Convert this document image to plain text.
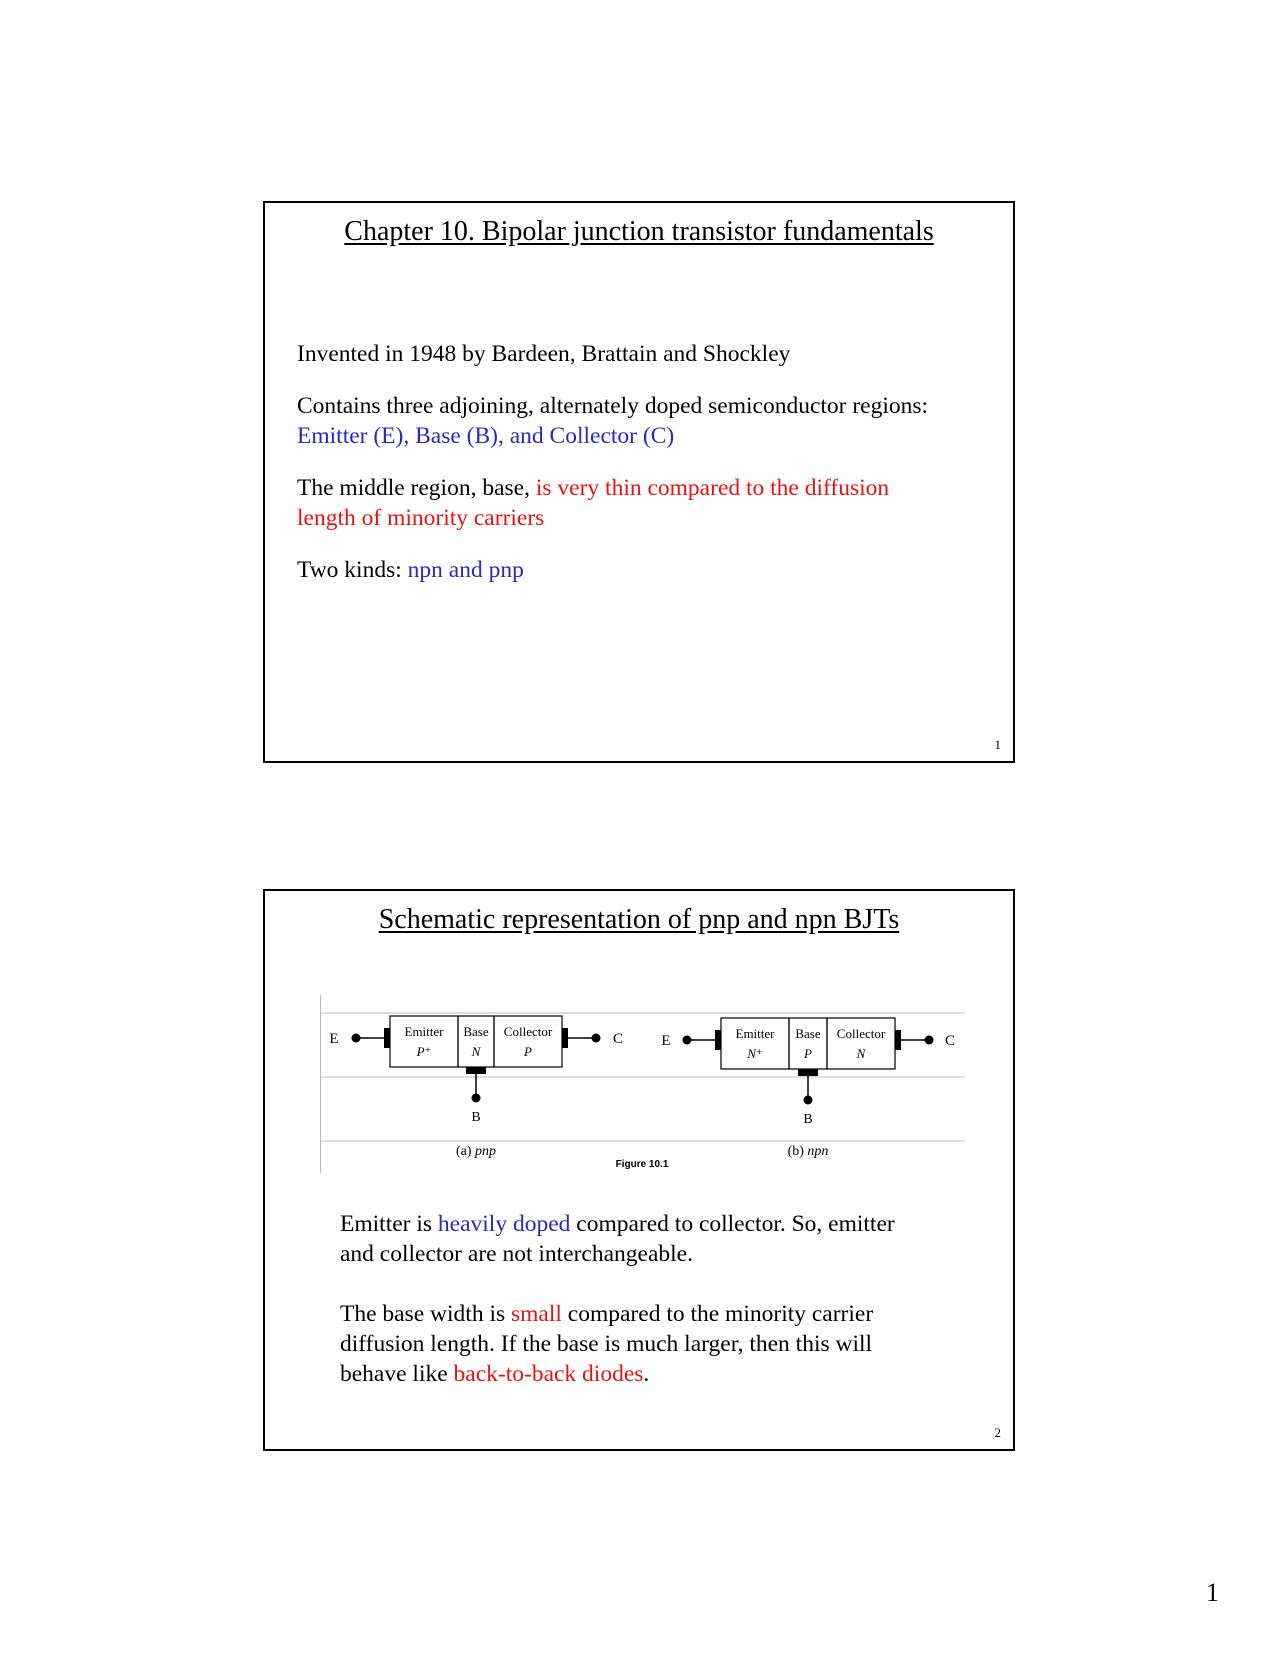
Chapter 10. Bipolar junction transistor fundamentals

Invented in 1948 by Bardeen, Brattain and Shockley

Contains three adjoining, alternately doped semiconductor regions:
Emitter (E), Base (B), and Collector (C)

The middle region, base, is very thin compared to the diffusion
length of minority carriers

Two kinds: npn and pnp

1
Schematic representation of pnp and npn BJTs
E	Emitter
P⁺
Base
N
Collector
P
C
B
(a) pnp
E	Emitter
N⁺
Base
P
Collector
N
C
B
(b) npn
Figure 10.1

Emitter is heavily doped compared to collector. So, emitter
and collector are not interchangeable.

The base width is small compared to the minority carrier
diffusion length. If the base is much larger, then this will
behave like back-to-back diodes.

2
1
